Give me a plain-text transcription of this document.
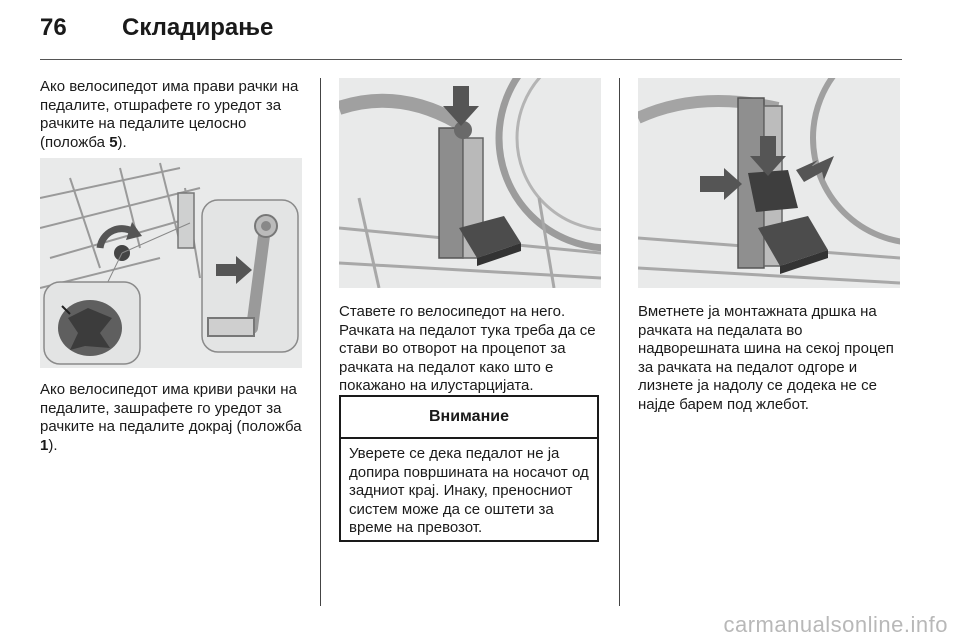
76 Складирање

Ако велосипедот има прави рачки на педалите, отшрафете го уредот за рачките на педалите целосно (положба 5).

Ако велосипедот има криви рачки на педалите, зашрафете го уредот за рачките на педалите докрај (положба 1).

Ставете го велосипедот на него. Рачката на педалот тука треба да се стави во отворот на процепот за рачката на педалот како што е покажано на илустарцијата.

Внимание
Уверете се дека педалот не ја допира површината на носачот од задниот крај. Инаку, преносниот систем може да се оштети за време на превозот.

Вметнете ја монтажната дршка на рачката на педалата во надворешната шина на секој процеп за рачката на педалот одгоре и лизнете ја надолу се додека не се најде барем под жлебот.

carmanualsonline.info
